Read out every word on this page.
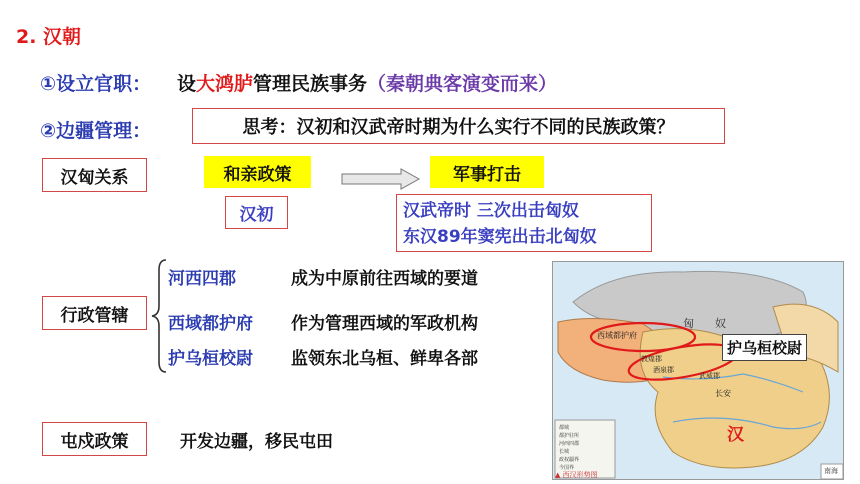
2. 汉朝
①设立官职： 设大鸿胪管理民族事务（秦朝典客演变而来）
②边疆管理：	思考：汉初和汉武帝时期为什么实行不同的民族政策？
汉匈关系	和亲政策	军事打击
汉初	汉武帝时 三次出击匈奴
东汉89年窦宪出击北匈奴
行政管辖
河西四郡	成为中原前往西域的要道
西域都护府 作为管理西域的军政机构
护乌桓校尉 监领东北乌桓、鲜卑各部
屯戍政策	开发边疆，移民屯田
匈 奴
西域都护府
敦煌郡
酒泉郡
武威郡
长安
汉
南海
都城
都护驻所
河西四郡
长城
政权疆界
今国界
▲ 西汉形势图
护乌桓校尉
